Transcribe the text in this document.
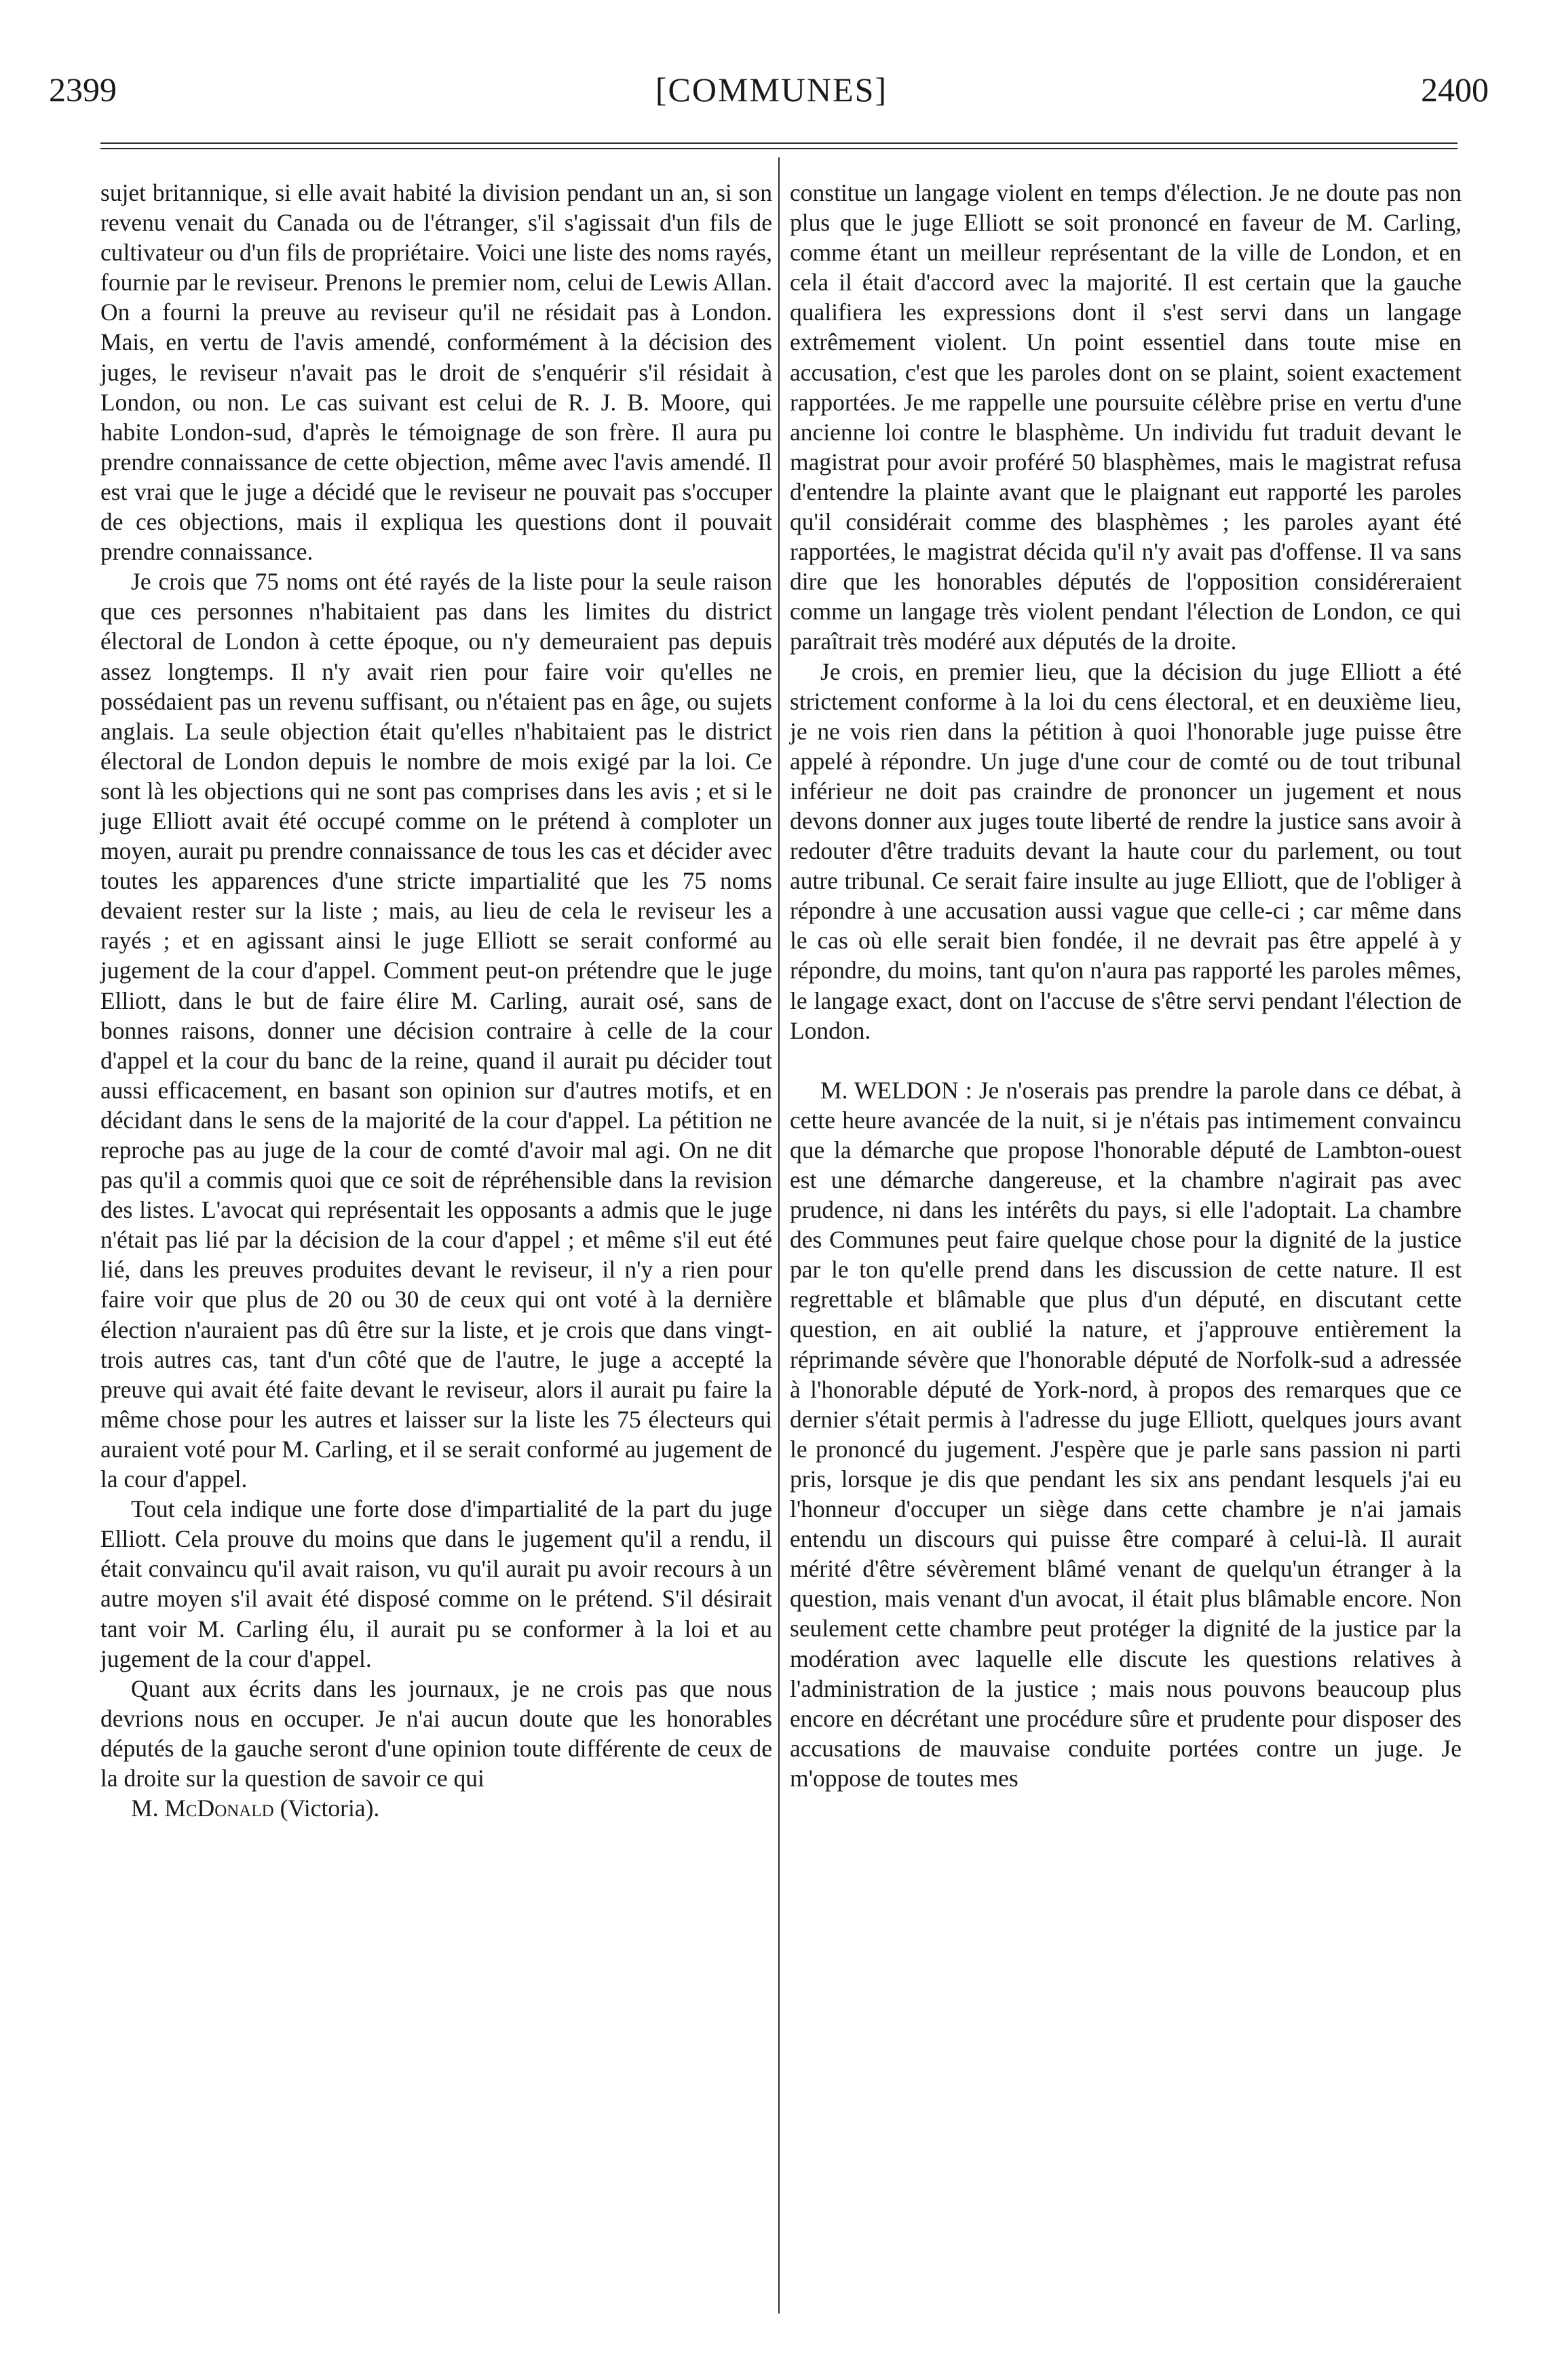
2399	[COMMUNES]	2400

sujet britannique, si elle avait habité la division pendant un an, si son revenu venait du Canada ou de l'étranger, s'il s'agissait d'un fils de cultivateur ou d'un fils de propriétaire. Voici une liste des noms rayés, fournie par le reviseur. Prenons le premier nom, celui de Lewis Allan. On a fourni la preuve au reviseur qu'il ne résidait pas à London. Mais, en vertu de l'avis amendé, conformément à la décision des juges, le reviseur n'avait pas le droit de s'enquérir s'il résidait à London, ou non. Le cas suivant est celui de R. J. B. Moore, qui habite London-sud, d'après le témoignage de son frère. Il aura pu prendre connaissance de cette objection, même avec l'avis amendé. Il est vrai que le juge a décidé que le reviseur ne pouvait pas s'occuper de ces objections, mais il expliqua les questions dont il pouvait prendre connaissance.

Je crois que 75 noms ont été rayés de la liste pour la seule raison que ces personnes n'habitaient pas dans les limites du district électoral de London à cette époque, ou n'y demeuraient pas depuis assez longtemps. Il n'y avait rien pour faire voir qu'elles ne possédaient pas un revenu suffisant, ou n'étaient pas en âge, ou sujets anglais. La seule objection était qu'elles n'habitaient pas le district électoral de London depuis le nombre de mois exigé par la loi. Ce sont là les objections qui ne sont pas comprises dans les avis ; et si le juge Elliott avait été occupé comme on le prétend à comploter un moyen, aurait pu prendre connaissance de tous les cas et décider avec toutes les apparences d'une stricte impartialité que les 75 noms devaient rester sur la liste ; mais, au lieu de cela le reviseur les a rayés ; et en agissant ainsi le juge Elliott se serait conformé au jugement de la cour d'appel. Comment peut-on prétendre que le juge Elliott, dans le but de faire élire M. Carling, aurait osé, sans de bonnes raisons, donner une décision contraire à celle de la cour d'appel et la cour du banc de la reine, quand il aurait pu décider tout aussi efficacement, en basant son opinion sur d'autres motifs, et en décidant dans le sens de la majorité de la cour d'appel. La pétition ne reproche pas au juge de la cour de comté d'avoir mal agi. On ne dit pas qu'il a commis quoi que ce soit de répréhensible dans la revision des listes. L'avocat qui représentait les opposants a admis que le juge n'était pas lié par la décision de la cour d'appel ; et même s'il eut été lié, dans les preuves produites devant le reviseur, il n'y a rien pour faire voir que plus de 20 ou 30 de ceux qui ont voté à la dernière élection n'auraient pas dû être sur la liste, et je crois que dans vingt-trois autres cas, tant d'un côté que de l'autre, le juge a accepté la preuve qui avait été faite devant le reviseur, alors il aurait pu faire la même chose pour les autres et laisser sur la liste les 75 électeurs qui auraient voté pour M. Carling, et il se serait conformé au jugement de la cour d'appel.

Tout cela indique une forte dose d'impartialité de la part du juge Elliott. Cela prouve du moins que dans le jugement qu'il a rendu, il était convaincu qu'il avait raison, vu qu'il aurait pu avoir recours à un autre moyen s'il avait été disposé comme on le prétend. S'il désirait tant voir M. Carling élu, il aurait pu se conformer à la loi et au jugement de la cour d'appel.

Quant aux écrits dans les journaux, je ne crois pas que nous devrions nous en occuper. Je n'ai aucun doute que les honorables députés de la gauche seront d'une opinion toute différente de ceux de la droite sur la question de savoir ce qui

M. McDonald (Victoria).

constitue un langage violent en temps d'élection. Je ne doute pas non plus que le juge Elliott se soit prononcé en faveur de M. Carling, comme étant un meilleur représentant de la ville de London, et en cela il était d'accord avec la majorité. Il est certain que la gauche qualifiera les expressions dont il s'est servi dans un langage extrêmement violent. Un point essentiel dans toute mise en accusation, c'est que les paroles dont on se plaint, soient exactement rapportées. Je me rappelle une poursuite célèbre prise en vertu d'une ancienne loi contre le blasphème. Un individu fut traduit devant le magistrat pour avoir proféré 50 blasphèmes, mais le magistrat refusa d'entendre la plainte avant que le plaignant eut rapporté les paroles qu'il considérait comme des blasphèmes ; les paroles ayant été rapportées, le magistrat décida qu'il n'y avait pas d'offense. Il va sans dire que les honorables députés de l'opposition considéreraient comme un langage très violent pendant l'élection de London, ce qui paraîtrait très modéré aux députés de la droite.

Je crois, en premier lieu, que la décision du juge Elliott a été strictement conforme à la loi du cens électoral, et en deuxième lieu, je ne vois rien dans la pétition à quoi l'honorable juge puisse être appelé à répondre. Un juge d'une cour de comté ou de tout tribunal inférieur ne doit pas craindre de prononcer un jugement et nous devons donner aux juges toute liberté de rendre la justice sans avoir à redouter d'être traduits devant la haute cour du parlement, ou tout autre tribunal. Ce serait faire insulte au juge Elliott, que de l'obliger à répondre à une accusation aussi vague que celle-ci ; car même dans le cas où elle serait bien fondée, il ne devrait pas être appelé à y répondre, du moins, tant qu'on n'aura pas rapporté les paroles mêmes, le langage exact, dont on l'accuse de s'être servi pendant l'élection de London.

M. WELDON : Je n'oserais pas prendre la parole dans ce débat, à cette heure avancée de la nuit, si je n'étais pas intimement convaincu que la démarche que propose l'honorable député de Lambton-ouest est une démarche dangereuse, et la chambre n'agirait pas avec prudence, ni dans les intérêts du pays, si elle l'adoptait. La chambre des Communes peut faire quelque chose pour la dignité de la justice par le ton qu'elle prend dans les discussion de cette nature. Il est regrettable et blâmable que plus d'un député, en discutant cette question, en ait oublié la nature, et j'approuve entièrement la réprimande sévère que l'honorable député de Norfolk-sud a adressée à l'honorable député de York-nord, à propos des remarques que ce dernier s'était permis à l'adresse du juge Elliott, quelques jours avant le prononcé du jugement. J'espère que je parle sans passion ni parti pris, lorsque je dis que pendant les six ans pendant lesquels j'ai eu l'honneur d'occuper un siège dans cette chambre je n'ai jamais entendu un discours qui puisse être comparé à celui-là. Il aurait mérité d'être sévèrement blâmé venant de quelqu'un étranger à la question, mais venant d'un avocat, il était plus blâmable encore. Non seulement cette chambre peut protéger la dignité de la justice par la modération avec laquelle elle discute les questions relatives à l'administration de la justice ; mais nous pouvons beaucoup plus encore en décrétant une procédure sûre et prudente pour disposer des accusations de mauvaise conduite portées contre un juge. Je m'oppose de toutes mes
